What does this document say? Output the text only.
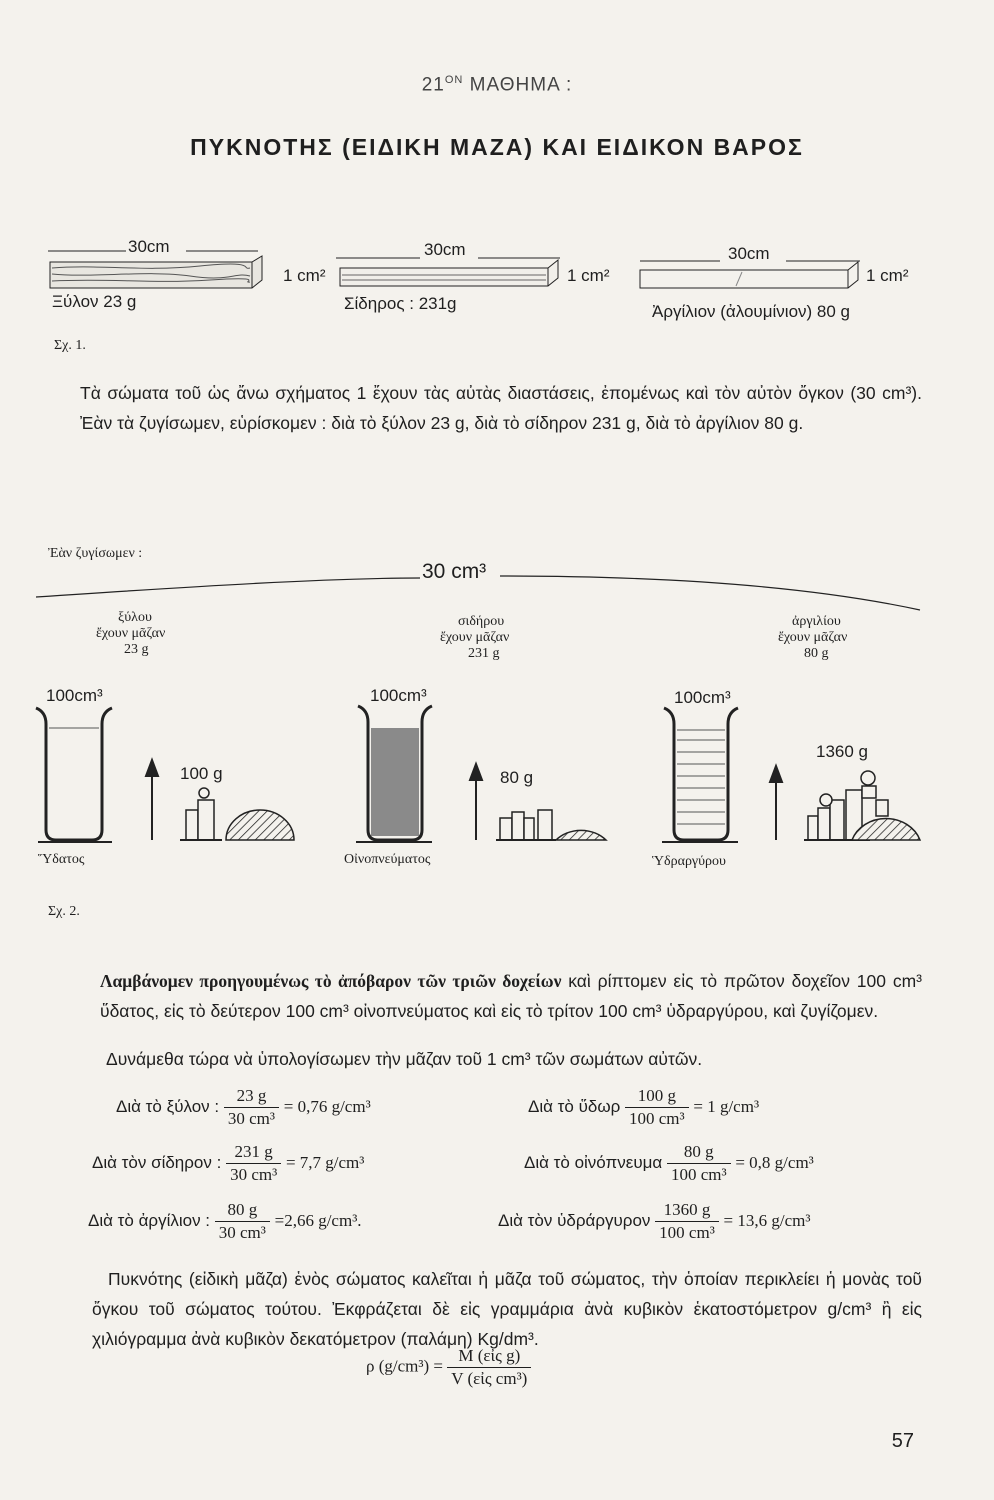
$21^{ON}$ ΜΑΘΗΜΑ :
ΠΥΚΝΟΤΗΣ (ΕΙΔΙΚΗ ΜΑΖΑ) ΚΑΙ ΕΙΔΙΚΟΝ ΒΑΡΟΣ
30cm
1 cm²
Ξύλον 23 g
30cm
1 cm²
Σίδηρος : 231g
30cm
1 cm²
Ἀργίλιον (ἀλουμίνιον) 80 g
Σχ. 1.
Τὰ σώματα τοῦ ὡς ἄνω σχήματος 1 ἔχουν τὰς αὐτὰς διαστάσεις, ἐπομένως καὶ τὸν αὐτὸν ὄγκον (30 cm³). Ἐὰν τὰ ζυγίσωμεν, εὑρίσκομεν : διὰ τὸ ξύλον 23 g, διὰ τὸ σίδηρον 231 g, διὰ τὸ ἀργίλιον 80 g.
Ἐὰν ζυγίσωμεν :
30 cm³
ξύλου
ἔχουν μᾶζαν
23 g
100cm³
100 g
Ὕδατος
σιδήρου
ἔχουν μᾶζαν
231 g
100cm³
80 g
Οἰνοπνεύματος
ἀργιλίου
ἔχουν μᾶζαν
80 g
100cm³
1360 g
Ὑδραργύρου
Σχ. 2.
Λαμβάνομεν προηγουμένως τὸ ἀπόβαρον τῶν τριῶν δοχείων καὶ ρίπτομεν εἰς τὸ πρῶτον δοχεῖον 100 cm³ ὕδατος, εἰς τὸ δεύτερον 100 cm³ οἰνοπνεύματος καὶ εἰς τὸ τρίτον 100 cm³ ὑδραργύρου, καὶ ζυγίζομεν.
Δυνάμεθα τώρα νὰ ὑπολογίσωμεν τὴν μᾶζαν τοῦ 1 cm³ τῶν σωμάτων αὐτῶν.
Διὰ τὸ ξύλον : $\frac{23 g}{\text{30 cm³}} = 0,76$ g/cm³	Διὰ τὸ ὕδωρ $\frac{100 g}{\text{100 cm³}} = 1$ g/cm³
Διὰ τὸν σίδηρον : $\frac{231 g}{\text{30 cm³}} = 7,7$ g/cm³	Διὰ τὸ οἰνόπνευμα $\frac{80 g}{\text{100 cm³}} = 0,8$ g/cm³
Διὰ τὸ ἀργίλιον : $\frac{80 g}{\text{30 cm³}} =2,66$ g/cm³.	Διὰ τὸν ὑδράργυρον $\frac{1360 g}{\text{100 cm³}} = 13,6$ g/cm³
Πυκνότης (εἰδικὴ μᾶζα) ἑνὸς σώματος καλεῖται ἡ μᾶζα τοῦ σώματος, τὴν ὁποίαν περικλείει ἡ μονὰς τοῦ ὄγκου τοῦ σώματος τούτου. Ἐκφράζεται δὲ εἰς γραμμάρια ἀνὰ κυβικὸν ἑκατοστόμετρον g/cm³ ἢ εἰς χιλιόγραμμα ἀνὰ κυβικὸν δεκατόμετρον (παλάμη) Kg/dm³.
ρ $(g/cm^3) = \frac{\text{M (εἰς g)}}{\text{V (εἰς cm³)}}$
57
